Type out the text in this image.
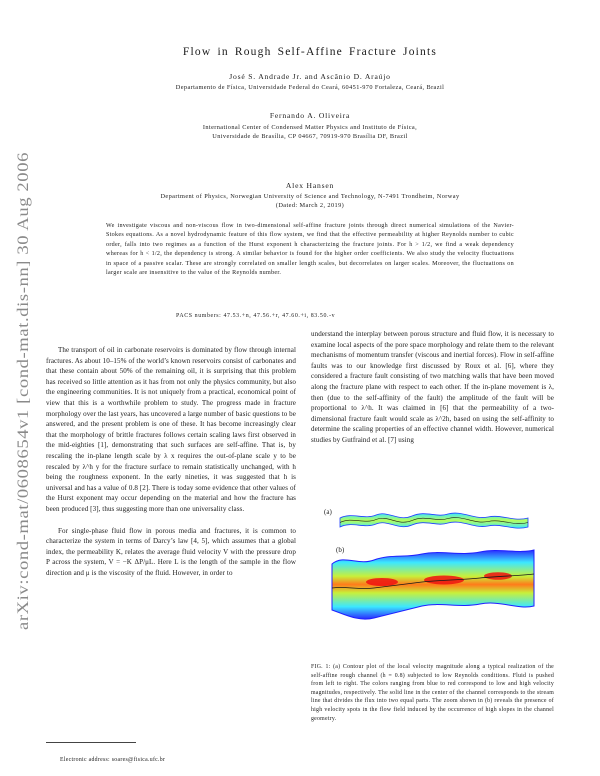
arXiv:cond-mat/0608654v1 [cond-mat.dis-nn] 30 Aug 2006
Flow in Rough Self-Affine Fracture Joints
José S. Andrade Jr. and Ascânio D. Araújo
Departamento de Física, Universidade Federal do Ceará, 60451-970 Fortaleza, Ceará, Brazil
Fernando A. Oliveira
International Center of Condensed Matter Physics and Instituto de Física,
Universidade de Brasília, CP 04667, 70919-970 Brasília DF, Brazil
Alex Hansen
Department of Physics, Norwegian University of Science and Technology, N-7491 Trondheim, Norway
(Dated: March 2, 2019)
We investigate viscous and non-viscous flow in two-dimensional self-affine fracture joints through direct numerical simulations of the Navier-Stokes equations. As a novel hydrodynamic feature of this flow system, we find that the effective permeability at higher Reynolds number to cubic order, falls into two regimes as a function of the Hurst exponent h characterizing the fracture joints. For h > 1/2, we find a weak dependency whereas for h < 1/2, the dependency is strong. A similar behavior is found for the higher order coefficients. We also study the velocity fluctuations in space of a passive scalar. These are strongly correlated on smaller length scales, but decorrelates on larger scales. Moreover, the fluctuations on larger scale are insensitive to the value of the Reynolds number.
PACS numbers: 47.53.+n, 47.56.+r, 47.60.+i, 83.50.-v

The transport of oil in carbonate reservoirs is dominated by flow through internal fractures. As about 10–15% of the world’s known reservoirs consist of carbonates and that these contain about 50% of the remaining oil, it is surprising that this problem has received so little attention as it has from not only the physics community, but also the engineering communities. It is not uniquely from a practical, economical point of view that this is a worthwhile problem to study. The progress made in fracture morphology over the last years, has uncovered a large number of basic questions to be answered, and the present problem is one of these. It has become increasingly clear that the morphology of brittle fractures follows certain scaling laws first observed in the mid-eighties [1], demonstrating that such surfaces are self-affine. That is, by rescaling the in-plane length scale by λ x requires the out-of-plane scale y to be rescaled by λ^h y for the fracture surface to remain statistically unchanged, with h being the roughness exponent. In the early nineties, it was suggested that h is universal and has a value of 0.8 [2]. There is today some evidence that other values of the Hurst exponent may occur depending on the material and how the fracture has been produced [3], thus suggesting more than one universality class.

For single-phase fluid flow in porous media and fractures, it is common to characterize the system in terms of Darcy’s law [4, 5], which assumes that a global index, the permeability K, relates the average fluid velocity V with the pressure drop P across the system, V = −K ΔP/μL. Here L is the length of the sample in the flow direction and μ is the viscosity of the fluid. However, in order to

Electronic address: soares@fisica.ufc.br

understand the interplay between porous structure and fluid flow, it is necessary to examine local aspects of the pore space morphology and relate them to the relevant mechanisms of momentum transfer (viscous and inertial forces). Flow in self-affine faults was to our knowledge first discussed by Roux et al. [6], where they considered a fracture fault consisting of two matching walls that have been moved along the fracture plane with respect to each other. If the in-plane movement is λ, then (due to the self-affinity of the fault) the amplitude of the fault will be proportional to λ^h. It was claimed in [6] that the permeability of a two-dimensional fracture fault would scale as λ^2h, based on using the self-affinity to determine the scaling properties of an effective channel width. However, numerical studies by Gutfraind et al. [7] using

(a)
(b)
FIG. 1: (a) Contour plot of the local velocity magnitude along a typical realization of the self-affine rough channel (h = 0.8) subjected to low Reynolds conditions. Fluid is pushed from left to right. The colors ranging from blue to red correspond to low and high velocity magnitudes, respectively. The solid line in the center of the channel corresponds to the stream line that divides the flux into two equal parts. The zoom shown in (b) reveals the presence of high velocity spots in the flow field induced by the occurrence of high slopes in the channel geometry.
